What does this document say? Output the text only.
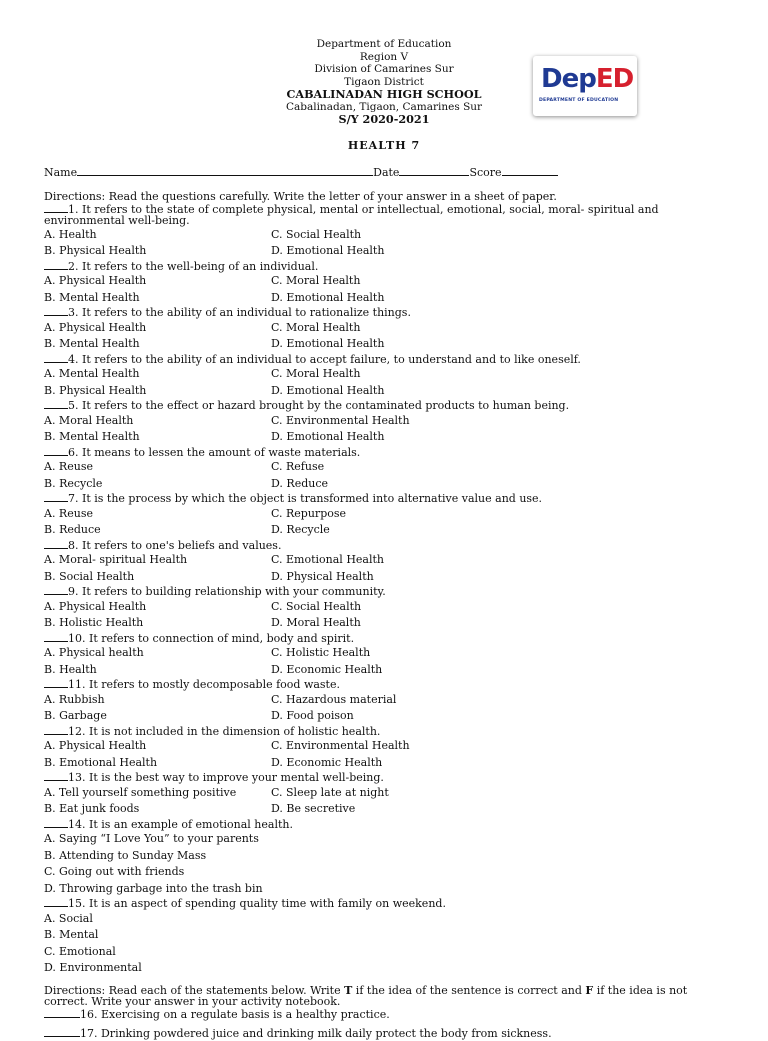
Department of Education
Region V
Division of Camarines Sur
Tigaon District
CABALINADAN HIGH SCHOOL
Cabalinadan, Tigaon, Camarines Sur
S/Y 2020-2021
DepED
DEPARTMENT OF EDUCATION
HEALTH 7
Name	Date	Score
Directions: Read the questions carefully. Write the letter of your answer in a sheet of paper.
1. It refers to the state of complete physical, mental or intellectual, emotional, social, moral- spiritual and environmental well-being.
A. Health	C. Social Health
B. Physical Health	D. Emotional Health
2. It refers to the well-being of an individual.
A. Physical Health	C. Moral Health
B. Mental Health	D. Emotional Health
3. It refers to the ability of an individual to rationalize things.
A. Physical Health	C. Moral Health
B. Mental Health	D. Emotional Health
4. It refers to the ability of an individual to accept failure, to understand and to like oneself.
A. Mental Health	C. Moral Health
B. Physical Health	D. Emotional Health
5. It refers to the effect or hazard brought by the contaminated products to human being.
A. Moral Health	C. Environmental Health
B. Mental Health	D. Emotional Health
6. It means to lessen the amount of waste materials.
A. Reuse	C. Refuse
B. Recycle	D. Reduce
7. It is the process by which the object is transformed into alternative value and use.
A. Reuse	C. Repurpose
B. Reduce	D. Recycle
8. It refers to one's beliefs and values.
A. Moral- spiritual Health	C. Emotional Health
B. Social Health	D. Physical Health
9. It refers to building relationship with your community.
A. Physical Health	C. Social Health
B. Holistic Health	D. Moral Health
10. It refers to connection of mind, body and spirit.
A. Physical health	C. Holistic Health
B. Health	D. Economic Health
11. It refers to mostly decomposable food waste.
A. Rubbish	C. Hazardous material
B. Garbage	D. Food poison
12. It is not included in the dimension of holistic health.
A. Physical Health	C. Environmental Health
B. Emotional Health	D. Economic Health
13. It is the best way to improve your mental well-being.
A. Tell yourself something positive	C. Sleep late at night
B. Eat junk foods	D. Be secretive
14. It is an example of emotional health.
A. Saying “I Love You” to your parents
B. Attending to Sunday Mass
C. Going out with friends
D. Throwing garbage into the trash bin
15. It is an aspect of spending quality time with family on weekend.
A. Social
B. Mental
C. Emotional
D. Environmental
Directions: Read each of the statements below. Write T if the idea of the sentence is correct and F if the idea is not correct. Write your answer in your activity notebook.
16. Exercising on a regulate basis is a healthy practice.
17. Drinking powdered juice and drinking milk daily protect the body from sickness.
